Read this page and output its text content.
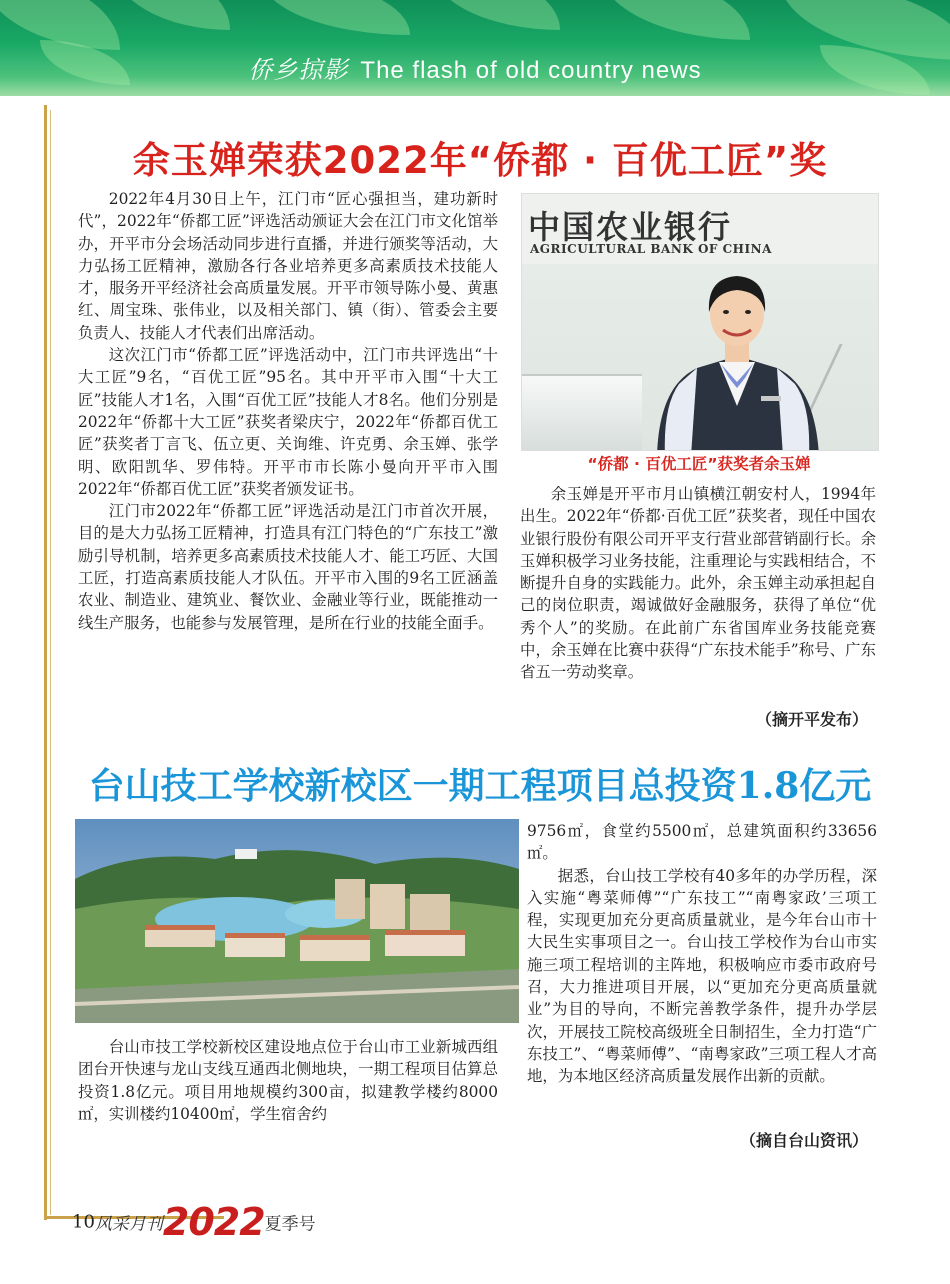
侨乡掠影 The flash of old country news
余玉婵荣获2022年“侨都 · 百优工匠”奖

2022年4月30日上午，江门市“匠心强担当，建功新时代”，2022年“侨都工匠”评选活动颁证大会在江门市文化馆举办，开平市分会场活动同步进行直播，并进行颁奖等活动，大力弘扬工匠精神，激励各行各业培养更多高素质技术技能人才，服务开平经济社会高质量发展。开平市领导陈小曼、黄惠红、周宝珠、张伟业，以及相关部门、镇（街）、管委会主要负责人、技能人才代表们出席活动。

这次江门市“侨都工匠”评选活动中，江门市共评选出“十大工匠”9名，“百优工匠”95名。其中开平市入围“十大工匠”技能人才1名，入围“百优工匠”技能人才8名。他们分别是2022年“侨都十大工匠”获奖者梁庆宁，2022年“侨都百优工匠”获奖者丁言飞、伍立更、关询维、许克勇、余玉婵、张学明、欧阳凯华、罗伟特。开平市市长陈小曼向开平市入围2022年“侨都百优工匠”获奖者颁发证书。

江门市2022年“侨都工匠”评选活动是江门市首次开展，目的是大力弘扬工匠精神，打造具有江门特色的“广东技工”激励引导机制，培养更多高素质技术技能人才、能工巧匠、大国工匠，打造高素质技能人才队伍。开平市入围的9名工匠涵盖农业、制造业、建筑业、餐饮业、金融业等行业，既能推动一线生产服务，也能参与发展管理，是所在行业的技能全面手。

中国农业银行
AGRICULTURAL BANK OF CHINA
“侨都 · 百优工匠”获奖者余玉婵

余玉婵是开平市月山镇横江朝安村人，1994年出生。2022年“侨都·百优工匠”获奖者，现任中国农业银行股份有限公司开平支行营业部营销副行长。余玉婵积极学习业务技能，注重理论与实践相结合，不断提升自身的实践能力。此外，余玉婵主动承担起自己的岗位职责，竭诚做好金融服务，获得了单位“优秀个人”的奖励。在此前广东省国库业务技能竞赛中，余玉婵在比赛中获得“广东技术能手”称号、广东省五一劳动奖章。

（摘开平发布）
台山技工学校新校区一期工程项目总投资1.8亿元

台山市技工学校新校区建设地点位于台山市工业新城西组团台开快速与龙山支线互通西北侧地块，一期工程项目估算总投资1.8亿元。项目用地规模约300亩，拟建教学楼约8000㎡，实训楼约10400㎡，学生宿舍约

9756㎡，食堂约5500㎡，总建筑面积约33656㎡。

据悉，台山技工学校有40多年的办学历程，深入实施“粤菜师傅”“广东技工”“南粤家政’三项工程，实现更加充分更高质量就业，是今年台山市十大民生实事项目之一。台山技工学校作为台山市实施三项工程培训的主阵地，积极响应市委市政府号召，大力推进项目开展，以“更加充分更高质量就业”为目的导向，不断完善教学条件，提升办学层次，开展技工院校高级班全日制招生，全力打造“广东技工”、“粤菜师傅”、“南粤家政”三项工程人才高地，为本地区经济高质量发展作出新的贡献。

（摘自台山资讯）
10风采月刊2022夏季号
